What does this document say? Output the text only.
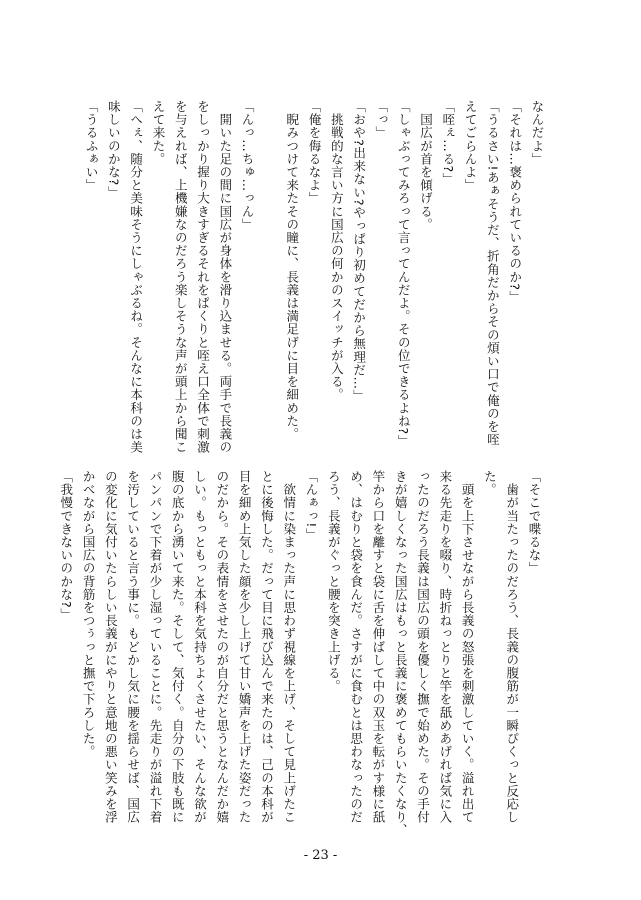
なんだよ」

「それは…褒められているのか?」

「うるさい!あぁそうだ、折角だからその煩い口で俺のを咥

えてごらんよ」

「咥ぇ…る?」

　国広が首を傾げる。

「しゃぶってみろって言ってんだよ。その位できるよね?」

「っ」

「おや?出来ない?やっぱり初めてだから無理だ…」

　挑戦的な言い方に国広の何かのスイッチが入る。

「俺を侮るなよ」

　睨みつけて来たその瞳に、長義は満足げに目を細めた。

「んっ…ちゅ…っん」

　開いた足の間に国広が身体を滑り込ませる。両手で長義の

をしっかり握り大きすぎるそれをぱくりと咥え口全体で刺激

を与えれば、上機嫌なのだろう楽しそうな声が頭上から聞こ

えて来た。

「へぇ、随分と美味そうにしゃぶるね。そんなに本科のは美

味しいのかな?」

「うるふぁい」

「そこで喋るな」

　歯が当たったのだろう、長義の腹筋が一瞬ぴくっと反応し

た。

　頭を上下させながら長義の怒張を刺激していく。溢れ出て

来る先走りを啜り、時折ねっとりと竿を舐めあげれば気に入

ったのだろう長義は国広の頭を優しく撫で始めた。その手付

きが嬉しくなった国広はもっと長義に褒めてもらいたくなり、

竿から口を離すと袋に舌を伸ばして中の双玉を転がす様に舐

め、はむりと袋を食んだ。さすがに食むとは思わなったのだ

ろう、長義がぐっと腰を突き上げる。

「んぁっ!」

　欲情に染まった声に思わず視線を上げ、そして見上げたこ

とに後悔した。だって目に飛び込んで来たのは、己の本科が

目を細め上気した顔を少し上げて甘い嬌声を上げた姿だった

のだから。その表情をさせたのが自分だと思うとなんだか嬉

しい。もっともっと本科を気持ちよくさせたい、そんな欲が

腹の底から湧いて来た。そして、気付く。自分の下肢も既に

パンパンで下着が少し湿っていることに。先走りが溢れ下着

を汚していると言う事に。もどかし気に腰を揺らせば、国広

の変化に気付いたらしい長義がにやりと意地の悪い笑みを浮

かべながら国広の背筋をつぅっと撫で下ろした。

「我慢できないのかな?」

- 23 -
